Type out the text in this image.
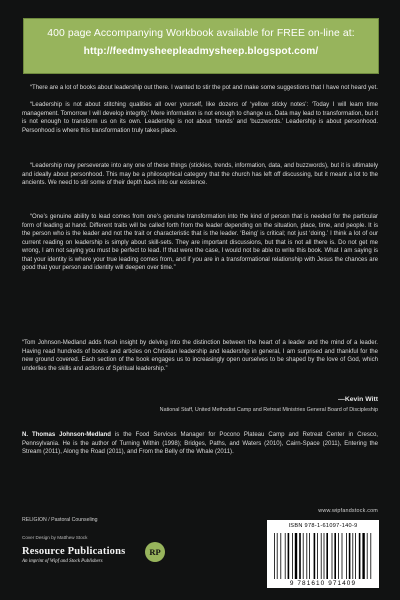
400 page Accompanying Workbook available for FREE on-line at:
http://feedmysheepleadmysheep.blogspot.com/

“There are a lot of books about leadership out there. I wanted to stir the pot and make some suggestions that I have not heard yet.

“Leadership is not about stitching qualities all over yourself, like dozens of ‘yellow sticky notes’: ‘Today I will learn time management. Tomorrow I will develop integrity.’ Mere information is not enough to change us. Data may lead to transformation, but it is not enough to transform us on its own. Leadership is not about ‘trends’ and ‘buzzwords.’ Leadership is about personhood. Personhood is where this transformation truly takes place.

“Leadership may perseverate into any one of these things (stickies, trends, information, data, and buzzwords), but it is ultimately and ideally about personhood. This may be a philosophical category that the church has left off discussing, but it meant a lot to the ancients. We need to stir some of their depth back into our existence.

“One’s genuine ability to lead comes from one’s genuine transformation into the kind of person that is needed for the particular form of leading at hand. Different traits will be called forth from the leader depending on the situation, place, time, and people. It is the person who is the leader and not the trait or characteristic that is the leader. ‘Being’ is critical; not just ‘doing.’ I think a lot of our current reading on leadership is simply about skill-sets. They are important discussions, but that is not all there is. Do not get me wrong, I am not saying you must be perfect to lead. If that were the case, I would not be able to write this book. What I am saying is that your identity is where your true leading comes from, and if you are in a transformational relationship with Jesus the chances are good that your person and identity will deepen over time.”

“Tom Johnson-Medland adds fresh insight by delving into the distinction between the heart of a leader and the mind of a leader. Having read hundreds of books and articles on Christian leadership and leadership in general, I am surprised and thankful for the new ground covered. Each section of the book engages us to increasingly open ourselves to be shaped by the love of God, which underlies the skills and actions of Spiritual leadership.”
—Kevin Witt
National Staff, United Methodist Camp and Retreat Ministries General Board of Discipleship
N. Thomas Johnson-Medland is the Food Services Manager for Pocono Plateau Camp and Retreat Center in Cresco, Pennsylvania. He is the author of Turning Within (1998); Bridges, Paths, and Waters (2010), Cairn-Space (2011), Entering the Stream (2011), Along the Road (2011), and From the Belly of the Whale (2011).
www.wipfandstock.com
RELIGION / Pastoral Counseling
Cover Design by Matthew Stock
Resource Publications
An imprint of Wipf and Stock Publishers
RP
ISBN 978-1-61097-140-9
9 781610 971409
